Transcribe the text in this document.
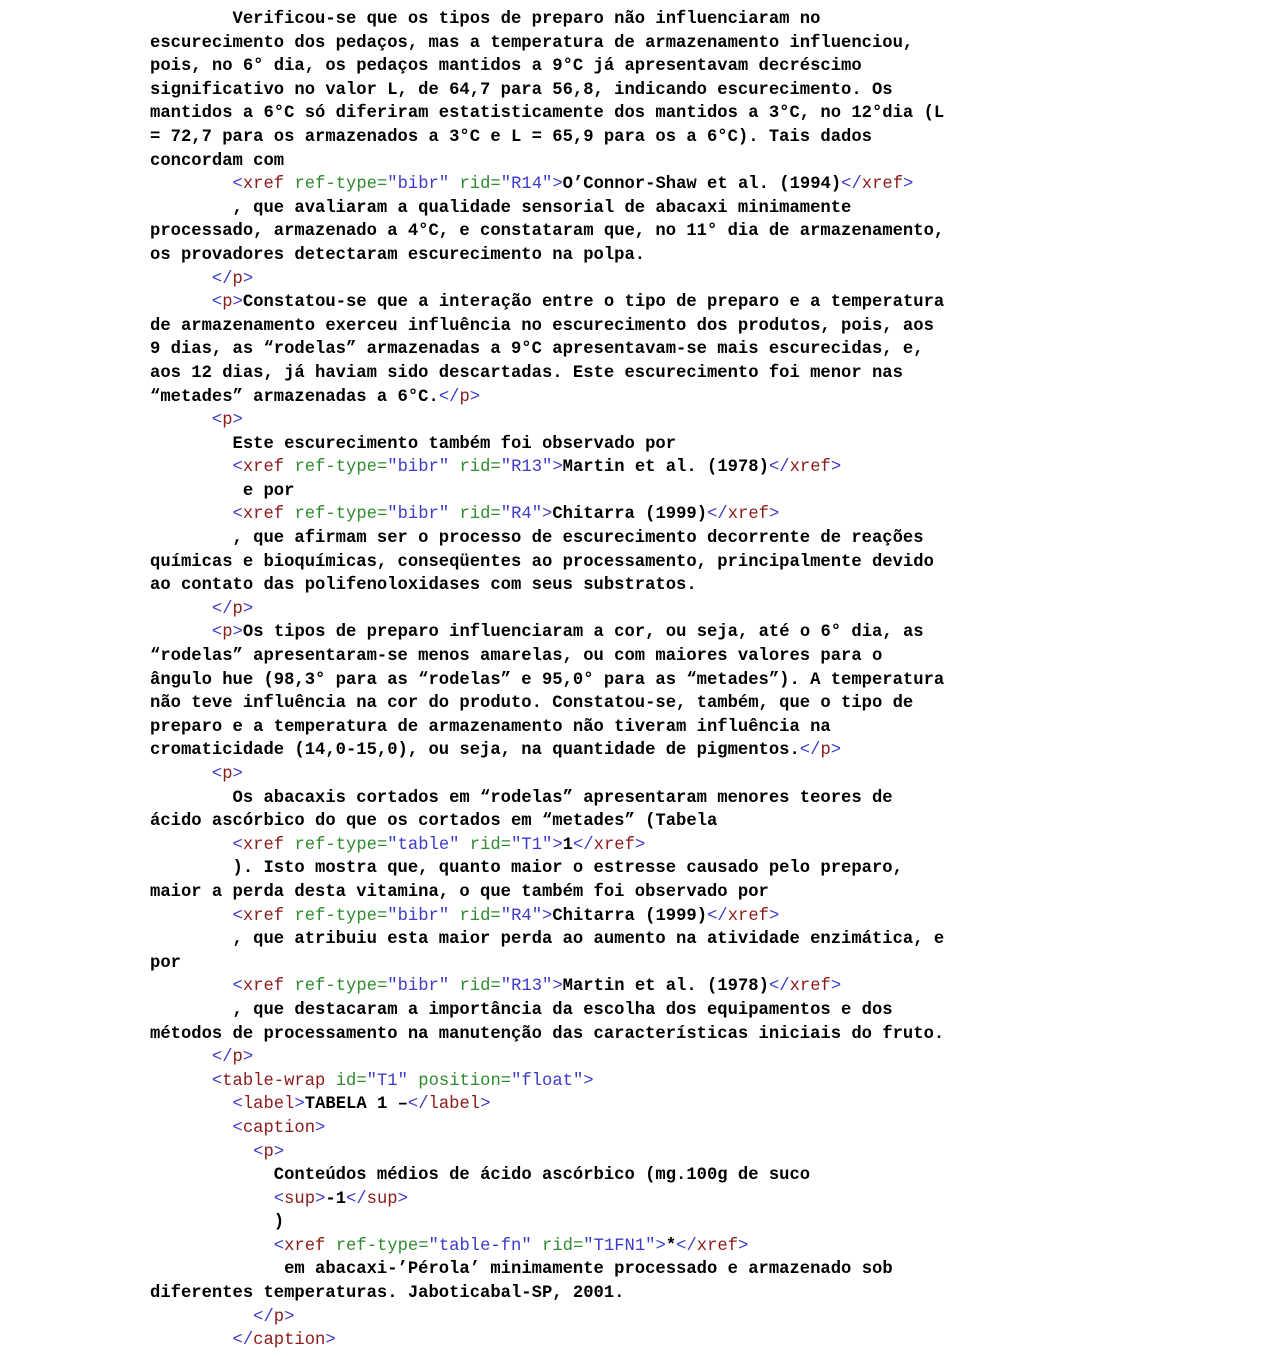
Verificou-se que os tipos de preparo não influenciaram no
escurecimento dos pedaços, mas a temperatura de armazenamento influenciou,
pois, no 6° dia, os pedaços mantidos a 9°C já apresentavam decréscimo
significativo no valor L, de 64,7 para 56,8, indicando escurecimento. Os
mantidos a 6°C só diferiram estatisticamente dos mantidos a 3°C, no 12°dia (L
= 72,7 para os armazenados a 3°C e L = 65,9 para os a 6°C). Tais dados
concordam com
<xref ref-type="bibr" rid="R14">O’Connor-Shaw et al. (1994)</xref>
, que avaliaram a qualidade sensorial de abacaxi minimamente
processado, armazenado a 4°C, e constataram que, no 11° dia de armazenamento,
os provadores detectaram escurecimento na polpa.
</p>
<p>Constatou-se que a interação entre o tipo de preparo e a temperatura
de armazenamento exerceu influência no escurecimento dos produtos, pois, aos
9 dias, as “rodelas” armazenadas a 9°C apresentavam-se mais escurecidas, e,
aos 12 dias, já haviam sido descartadas. Este escurecimento foi menor nas
“metades” armazenadas a 6°C.</p>
<p>
Este escurecimento também foi observado por
<xref ref-type="bibr" rid="R13">Martin et al. (1978)</xref>
e por
<xref ref-type="bibr" rid="R4">Chitarra (1999)</xref>
, que afirmam ser o processo de escurecimento decorrente de reações
químicas e bioquímicas, conseqüentes ao processamento, principalmente devido
ao contato das polifenoloxidases com seus substratos.
</p>
<p>Os tipos de preparo influenciaram a cor, ou seja, até o 6° dia, as
“rodelas” apresentaram-se menos amarelas, ou com maiores valores para o
ângulo hue (98,3° para as “rodelas” e 95,0° para as “metades”). A temperatura
não teve influência na cor do produto. Constatou-se, também, que o tipo de
preparo e a temperatura de armazenamento não tiveram influência na
cromaticidade (14,0-15,0), ou seja, na quantidade de pigmentos.</p>
<p>
Os abacaxis cortados em “rodelas” apresentaram menores teores de
ácido ascórbico do que os cortados em “metades” (Tabela
<xref ref-type="table" rid="T1">1</xref>
). Isto mostra que, quanto maior o estresse causado pelo preparo,
maior a perda desta vitamina, o que também foi observado por
<xref ref-type="bibr" rid="R4">Chitarra (1999)</xref>
, que atribuiu esta maior perda ao aumento na atividade enzimática, e
por
<xref ref-type="bibr" rid="R13">Martin et al. (1978)</xref>
, que destacaram a importância da escolha dos equipamentos e dos
métodos de processamento na manutenção das características iniciais do fruto.
</p>
<table-wrap id="T1" position="float">
<label>TABELA 1 –</label>
<caption>
<p>
Conteúdos médios de ácido ascórbico (mg.100g de suco
<sup>-1</sup>
)
<xref ref-type="table-fn" rid="T1FN1">*</xref>
em abacaxi-’Pérola’ minimamente processado e armazenado sob
diferentes temperaturas. Jaboticabal-SP, 2001.
</p>
</caption>
